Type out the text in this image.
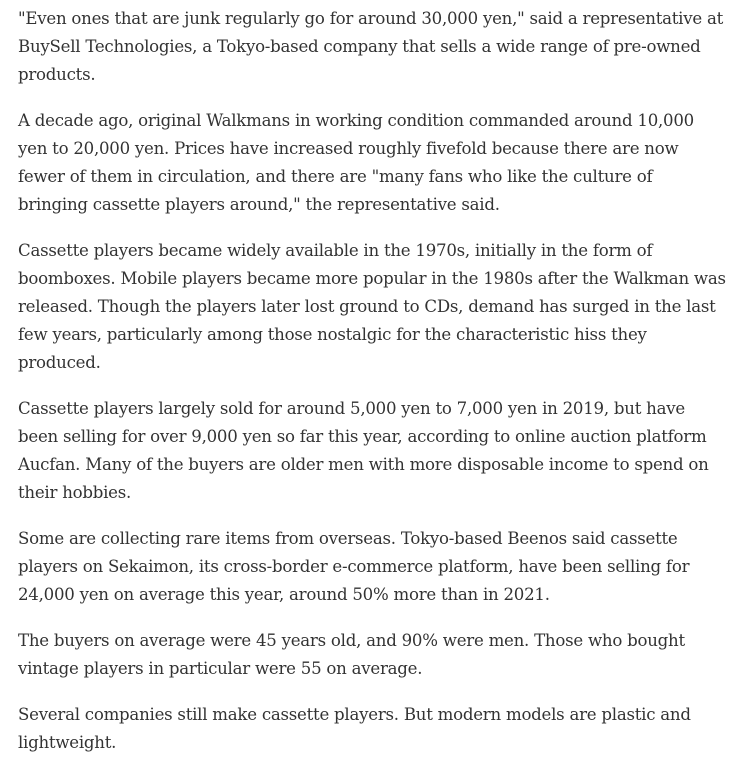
"Even ones that are junk regularly go for around 30,000 yen," said a representative at BuySell Technologies, a Tokyo-based company that sells a wide range of pre-owned products.

A decade ago, original Walkmans in working condition commanded around 10,000 yen to 20,000 yen. Prices have increased roughly fivefold because there are now fewer of them in circulation, and there are "many fans who like the culture of bringing cassette players around," the representative said.

Cassette players became widely available in the 1970s, initially in the form of boomboxes. Mobile players became more popular in the 1980s after the Walkman was released. Though the players later lost ground to CDs, demand has surged in the last few years, particularly among those nostalgic for the characteristic hiss they produced.

Cassette players largely sold for around 5,000 yen to 7,000 yen in 2019, but have been selling for over 9,000 yen so far this year, according to online auction platform Aucfan. Many of the buyers are older men with more disposable income to spend on their hobbies.

Some are collecting rare items from overseas. Tokyo-based Beenos said cassette players on Sekaimon, its cross-border e-commerce platform, have been selling for 24,000 yen on average this year, around 50% more than in 2021.

The buyers on average were 45 years old, and 90% were men. Those who bought vintage players in particular were 55 on average.

Several companies still make cassette players. But modern models are plastic and lightweight.
